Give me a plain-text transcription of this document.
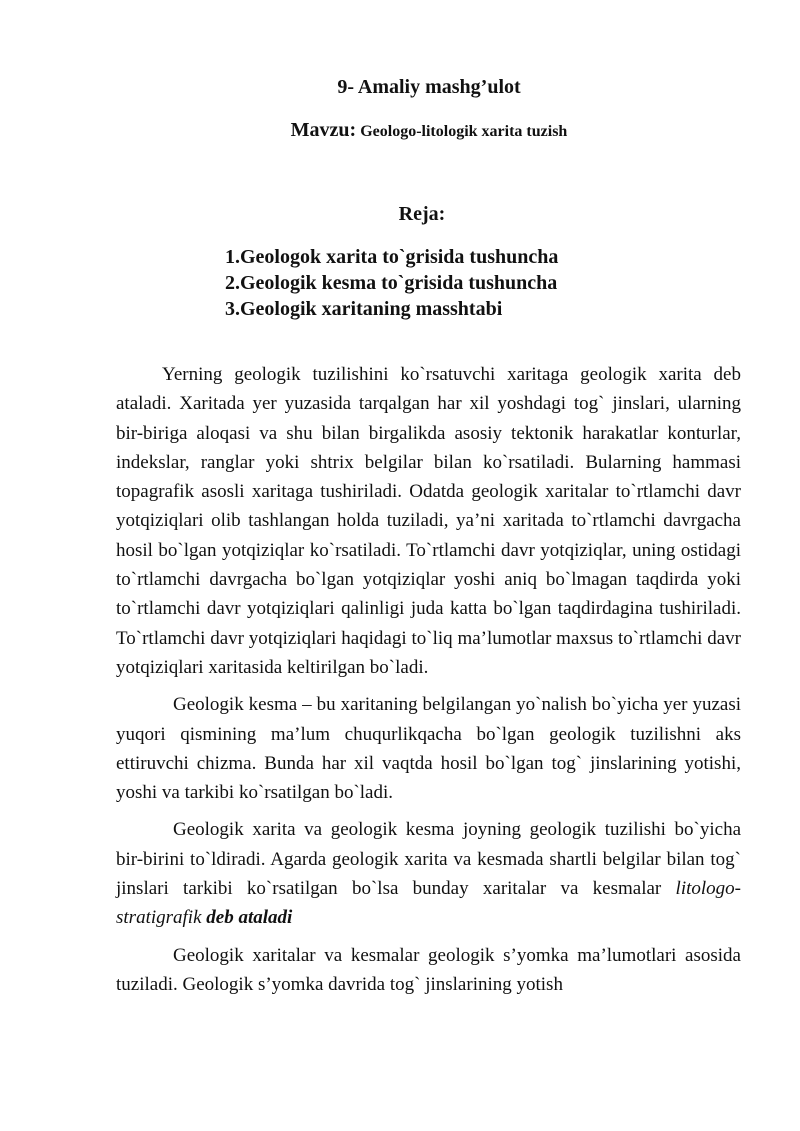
9- Amaliy mashg’ulot
Mavzu: Geologo-litologik xarita tuzish
Reja:
1.Geologok xarita to`grisida tushuncha
2.Geologik kesma to`grisida tushuncha
3.Geologik xaritaning masshtabi

Yerning geologik tuzilishini ko`rsatuvchi xaritaga geologik xarita deb ataladi. Xaritada yer yuzasida tarqalgan har xil yoshdagi tog` jinslari, ularning bir-biriga aloqasi va shu bilan birgalikda asosiy tektonik harakatlar konturlar, indekslar, ranglar yoki shtrix belgilar bilan ko`rsatiladi. Bularning hammasi topagrafik asosli xaritaga tushiriladi. Odatda geologik xaritalar to`rtlamchi davr yotqiziqlari olib tashlangan holda tuziladi, ya’ni xaritada to`rtlamchi davrgacha hosil bo`lgan yotqiziqlar ko`rsatiladi. To`rtlamchi davr yotqiziqlar, uning ostidagi to`rtlamchi davrgacha bo`lgan yotqiziqlar yoshi aniq bo`lmagan taqdirda yoki to`rtlamchi davr yotqiziqlari qalinligi juda katta bo`lgan taqdirdagina tushiriladi. To`rtlamchi davr yotqiziqlari haqidagi to`liq ma’lumotlar maxsus to`rtlamchi davr yotqiziqlari xaritasida keltirilgan bo`ladi.

Geologik kesma – bu xaritaning belgilangan yo`nalish bo`yicha yer yuzasi yuqori qismining ma’lum chuqurlikqacha bo`lgan geologik tuzilishni aks ettiruvchi chizma. Bunda har xil vaqtda hosil bo`lgan tog` jinslarining yotishi, yoshi va tarkibi ko`rsatilgan bo`ladi.

Geologik xarita va geologik kesma joyning geologik tuzilishi bo`yicha bir-birini to`ldiradi. Agarda geologik xarita va kesmada shartli belgilar bilan tog` jinslari tarkibi ko`rsatilgan bo`lsa bunday xaritalar va kesmalar litologo-stratigrafik deb ataladi

Geologik xaritalar va kesmalar geologik s’yomka ma’lumotlari asosida tuziladi. Geologik s’yomka davrida tog` jinslarining yotish
